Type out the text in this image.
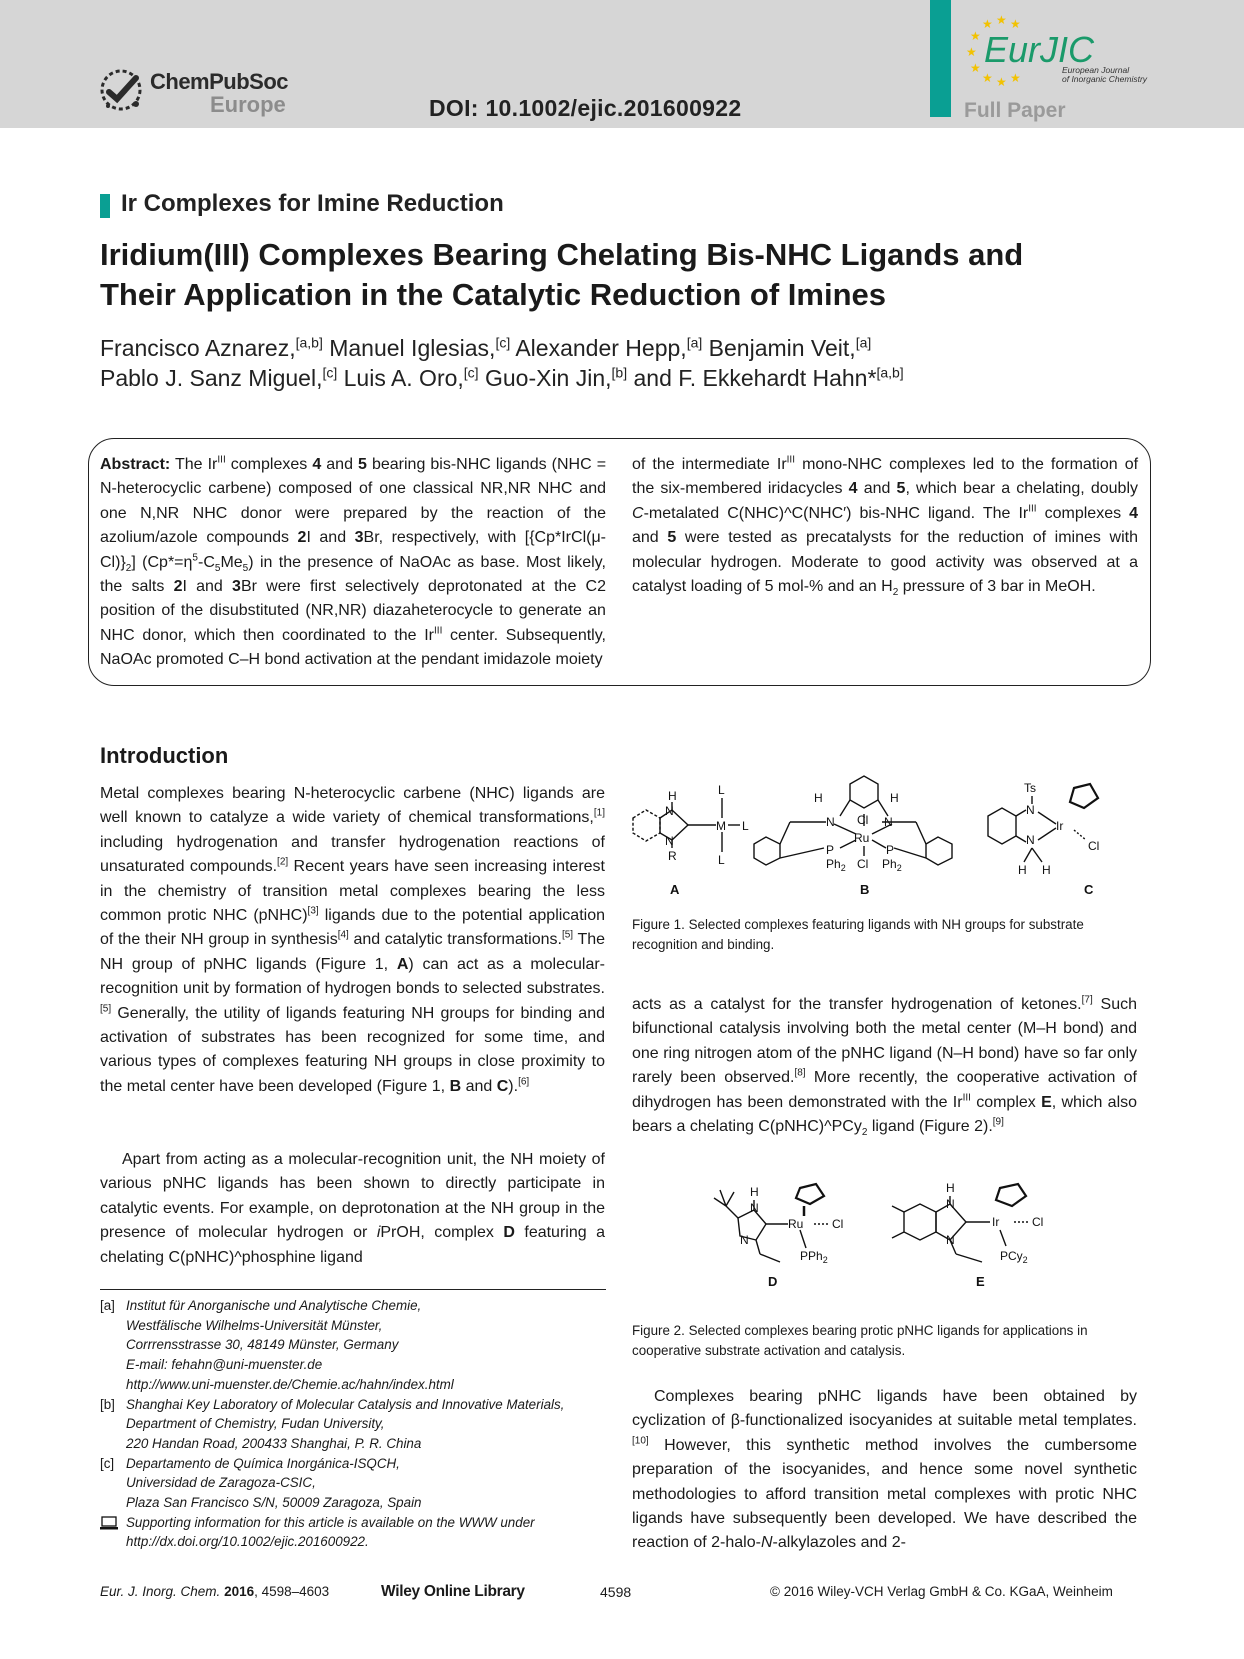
ChemPubSoc
Europe	DOI: 10.1002/ejic.201600922
★ ★ ★
★
★
★
★ ★ ★
EurJIC
European Journal
of Inorganic Chemistry
Full Paper
Ir Complexes for Imine Reduction
Iridium(III) Complexes Bearing Chelating Bis-NHC Ligands and
Their Application in the Catalytic Reduction of Imines
Francisco Aznarez,[a,b] Manuel Iglesias,[c] Alexander Hepp,[a] Benjamin Veit,[a]
Pablo J. Sanz Miguel,[c] Luis A. Oro,[c] Guo-Xin Jin,[b] and F. Ekkehardt Hahn*[a,b]

Abstract: The $Ir^{III}$ complexes 4 and 5 bearing bis-NHC ligands (NHC = N-heterocyclic carbene) composed of one classical NR,NR NHC and one N,NR NHC donor were prepared by the reaction of the azolium/azole compounds 2I and 3Br, respectively, with $[\{Cp*IrCl(\mu-Cl)\}_2]$ $(Cp*=\eta^5-C_5Me_5)$ in the presence of NaOAc as base. Most likely, the salts 2I and 3Br were first selectively deprotonated at the C2 position of the disubstituted (NR,NR) diazaheterocycle to generate an NHC donor, which then coordinated to the $Ir^{III}$ center. Subsequently, NaOAc promoted C–H bond activation at the pendant imidazole moiety

of the intermediate $Ir^{III}$ mono-NHC complexes led to the formation of the six-membered iridacycles 4 and 5, which bear a chelating, doubly C-metalated C(NHC)^C(NHC′) bis-NHC ligand. The $Ir^{III}$ complexes 4 and 5 were tested as precatalysts for the reduction of imines with molecular hydrogen. Moderate to good activity was observed at a catalyst loading of 5 mol-% and an $H_2$ pressure of 3 bar in MeOH.

Introduction

Metal complexes bearing N-heterocyclic carbene (NHC) ligands are well known to catalyze a wide variety of chemical transformations,[1] including hydrogenation and transfer hydrogenation reactions of unsaturated compounds.[2] Recent years have seen increasing interest in the chemistry of transition metal complexes bearing the less common protic NHC (pNHC)[3] ligands due to the potential application of the their NH group in synthesis[4] and catalytic transformations.[5] The NH group of pNHC ligands (Figure 1, A) can act as a molecular-recognition unit by formation of hydrogen bonds to selected substrates.[5] Generally, the utility of ligands featuring NH groups for binding and activation of substrates has been recognized for some time, and various types of complexes featuring NH groups in close proximity to the metal center have been developed (Figure 1, B and C).[6]

Apart from acting as a molecular-recognition unit, the NH moiety of various pNHC ligands has been shown to directly participate in catalytic events. For example, on deprotonation at the NH group in the presence of molecular hydrogen or iPrOH, complex D featuring a chelating C(pNHC)^phosphine ligand

acts as a catalyst for the transfer hydrogenation of ketones.[7] Such bifunctional catalysis involving both the metal center (M–H bond) and one ring nitrogen atom of the pNHC ligand (N–H bond) have so far only rarely been observed.[8] More recently, the cooperative activation of dihydrogen has been demonstrated with the $Ir^{III}$ complex E, which also bears a chelating C(pNHC)^PCy$_2$ ligand (Figure 2).[9]

Complexes bearing pNHC ligands have been obtained by cyclization of β-functionalized isocyanides at suitable metal templates.[10] However, this synthetic method involves the cumbersome preparation of the isocyanides, and hence some novel synthetic methodologies to afford transition metal complexes with protic NHC ligands have subsequently been developed. We have described the reaction of 2-halo-N-alkylazoles and 2-

H
N
N
R
M
L
L
L
A
H
N
H
N
Cl
Ru
P	P
$Ph_2$	$Ph_2$
Cl
B
Ts
N
Ir
Cl
N
H H
C
Figure 1. Selected complexes featuring ligands with NH groups for substrate recognition and binding.
H
N
N
Ru Cl
PPh$_2$
D
H
N
N
Ir	Cl
PCy$_2$
E
Figure 2. Selected complexes bearing protic pNHC ligands for applications in cooperative substrate activation and catalysis.
[a] Institut für Anorganische und Analytische Chemie,
Westfälische Wilhelms-Universität Münster,
Corrrensstrasse 30, 48149 Münster, Germany
E-mail: fehahn@uni-muenster.de
http://www.uni-muenster.de/Chemie.ac/hahn/index.html
[b] Shanghai Key Laboratory of Molecular Catalysis and Innovative Materials,
Department of Chemistry, Fudan University,
220 Handan Road, 200433 Shanghai, P. R. China
[c] Departamento de Química Inorgánica-ISQCH,
Universidad de Zaragoza-CSIC,
Plaza San Francisco S/N, 50009 Zaragoza, Spain
Supporting information for this article is available on the WWW under
http://dx.doi.org/10.1002/ejic.201600922.
Eur. J. Inorg. Chem. 2016, 4598–4603	Wiley Online Library	4598	© 2016 Wiley-VCH Verlag GmbH & Co. KGaA, Weinheim
